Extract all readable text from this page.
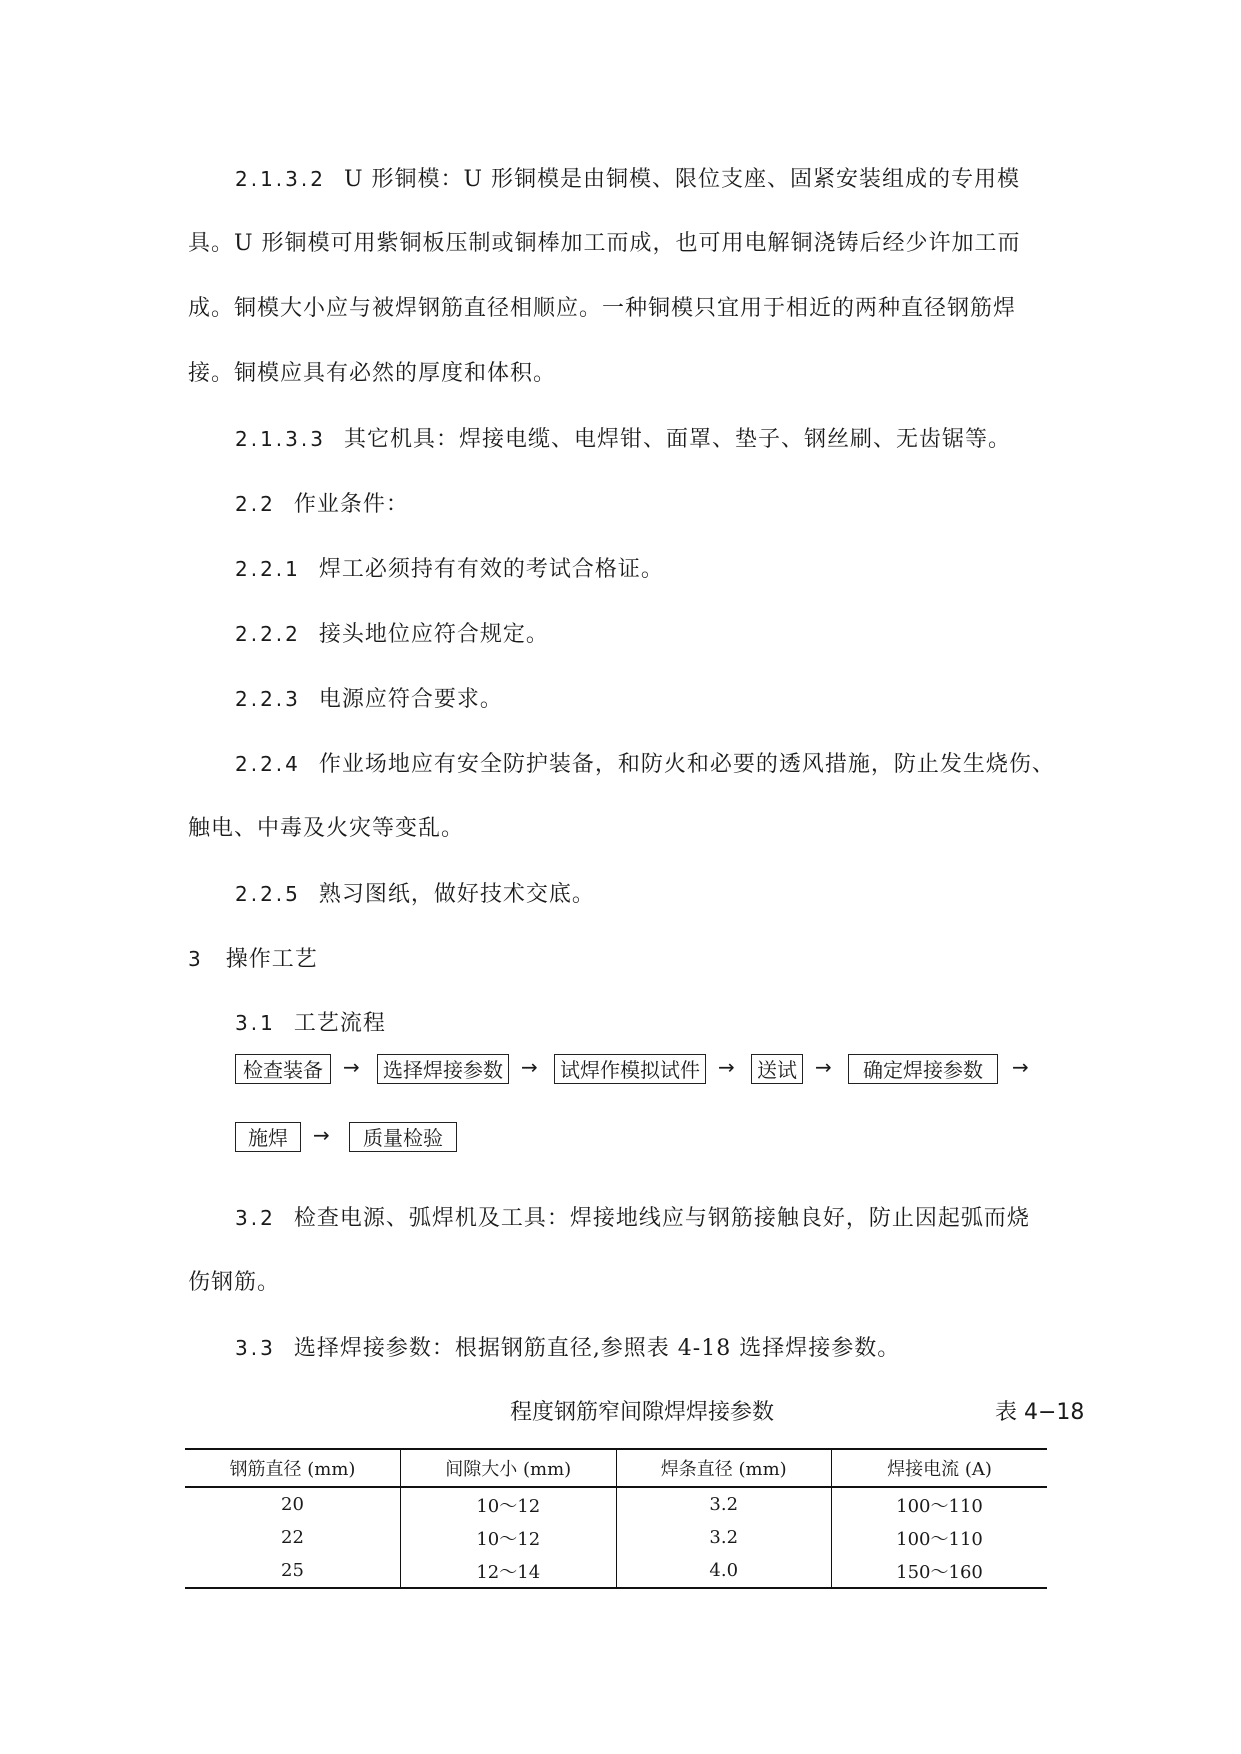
2.1.3.2 U 形铜模：U 形铜模是由铜模、限位支座、固紧安装组成的专用模
具。U 形铜模可用紫铜板压制或铜棒加工而成，也可用电解铜浇铸后经少许加工而
成。铜模大小应与被焊钢筋直径相顺应。一种铜模只宜用于相近的两种直径钢筋焊
接。铜模应具有必然的厚度和体积。
2.1.3.3 其它机具：焊接电缆、电焊钳、面罩、垫子、钢丝刷、无齿锯等。
2.2 作业条件：
2.2.1 焊工必须持有有效的考试合格证。
2.2.2 接头地位应符合规定。
2.2.3 电源应符合要求。
2.2.4 作业场地应有安全防护装备，和防火和必要的透风措施，防止发生烧伤、
触电、中毒及火灾等变乱。
2.2.5 熟习图纸，做好技术交底。
3 操作工艺
3.1 工艺流程
检查装备	→	选择焊接参数 →	试焊作模拟试件 →	送试 →	确定焊接参数	→
施焊	→	质量检验
3.2 检查电源、弧焊机及工具：焊接地线应与钢筋接触良好，防止因起弧而烧
伤钢筋。
3.3 选择焊接参数：根据钢筋直径,参照表 4-18 选择焊接参数。
程度钢筋窄间隙焊焊接参数	表 4−18
钢筋直径 (mm)	间隙大小 (mm)	焊条直径 (mm)	焊接电流 (A)
20	10～12	3.2	100～110
22	10～12	3.2	100～110
25	12～14	4.0	150～160
